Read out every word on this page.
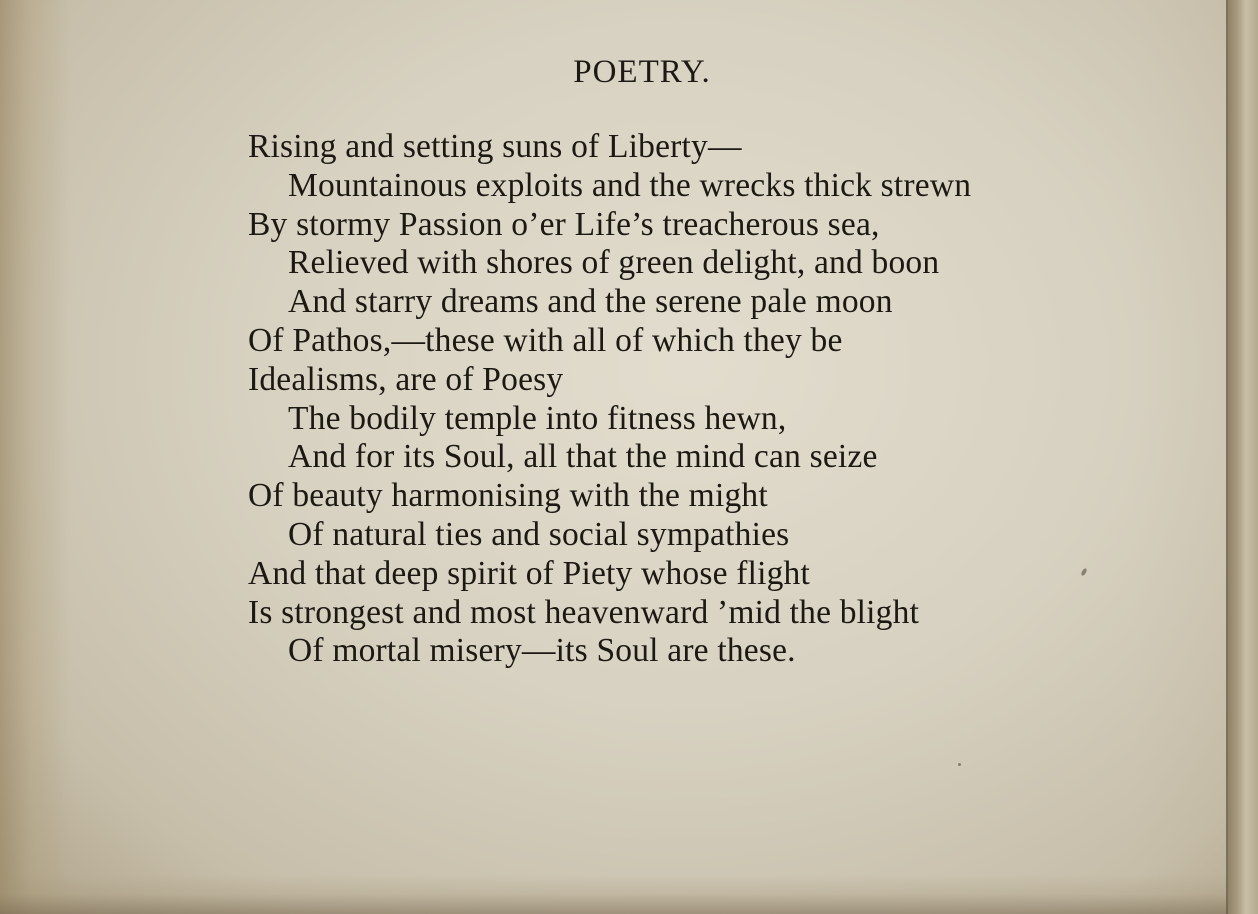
POETRY.
Rising and setting suns of Liberty—
Mountainous exploits and the wrecks thick strewn
By stormy Passion o’er Life’s treacherous sea,
Relieved with shores of green delight, and boon
And starry dreams and the serene pale moon
Of Pathos,—these with all of which they be
Idealisms, are of Poesy
The bodily temple into fitness hewn,
And for its Soul, all that the mind can seize
Of beauty harmonising with the might
Of natural ties and social sympathies
And that deep spirit of Piety whose flight
Is strongest and most heavenward ’mid the blight
Of mortal misery—its Soul are these.
